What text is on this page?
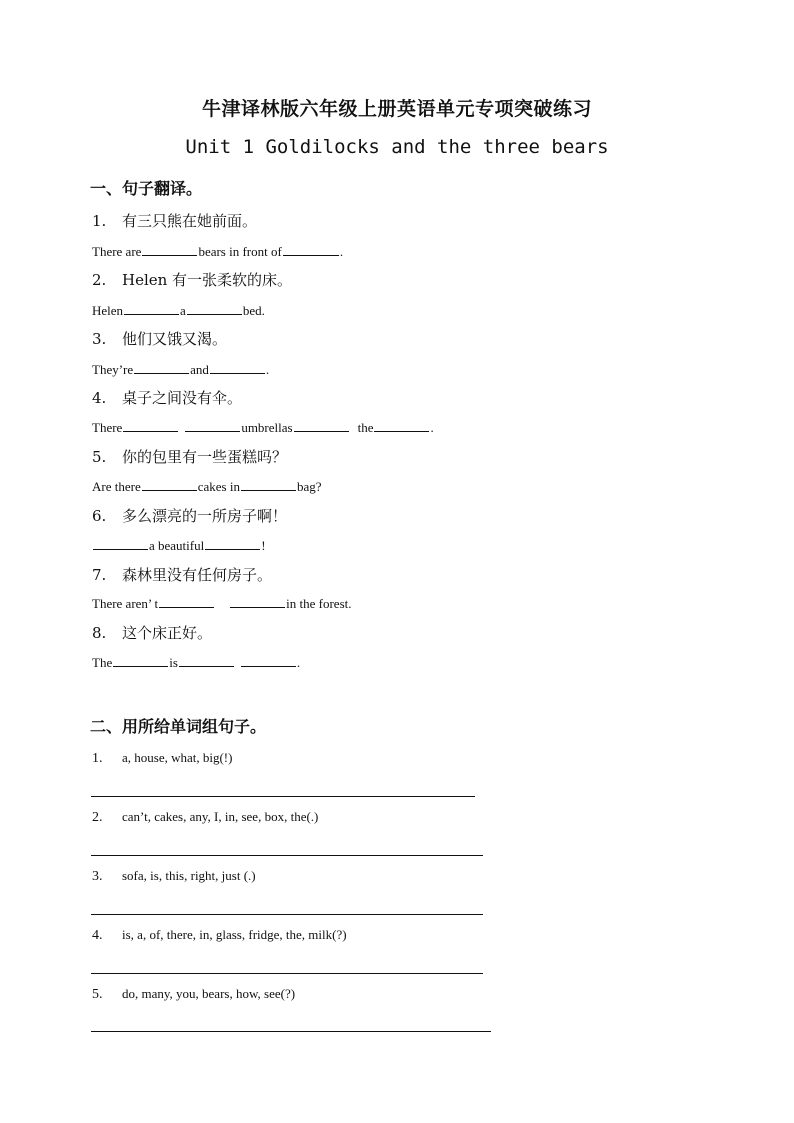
牛津译林版六年级上册英语单元专项突破练习
Unit 1 Goldilocks and the three bears
一、句子翻译。
1. 有三只熊在她前面。
There are	bears in front of	.
2. Helen 有一张柔软的床。
Helen	a	bed.
3. 他们又饿又渴。
They’re	and	.
4. 桌子之间没有伞。
There	umbrellas	the	.
5. 你的包里有一些蛋糕吗？
Are there	cakes in	bag?
6. 多么漂亮的一所房子啊！
a beautiful	!
7. 森林里没有任何房子。
There aren’ t	in the forest.
8. 这个床正好。
The	is	.
二、用所给单词组句子。
1. a, house, what, big(!)
2. can’t, cakes, any, I, in, see, box, the(.)
3. sofa, is, this, right, just (.)
4. is, a, of, there, in, glass, fridge, the, milk(?)
5. do, many, you, bears, how, see(?)
